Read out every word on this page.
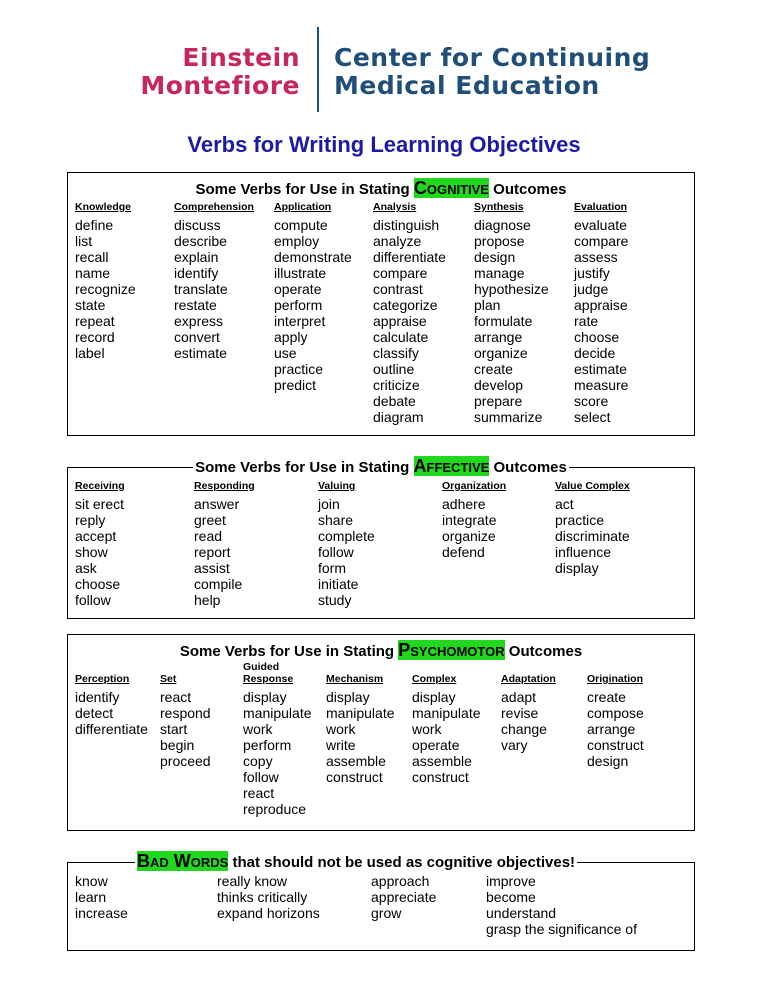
Einstein
Montefiore
Center for Continuing
Medical Education
Verbs for Writing Learning Objectives
Some Verbs for Use in Stating Cognitive Outcomes
Knowledge
define
list
recall
name
recognize
state
repeat
record
label
Comprehension
discuss
describe
explain
identify
translate
restate
express
convert
estimate
Application
compute
employ
demonstrate
illustrate
operate
perform
interpret
apply
use
practice
predict
Analysis
distinguish
analyze
differentiate
compare
contrast
categorize
appraise
calculate
classify
outline
criticize
debate
diagram
Synthesis
diagnose
propose
design
manage
hypothesize
plan
formulate
arrange
organize
create
develop
prepare
summarize
Evaluation
evaluate
compare
assess
justify
judge
appraise
rate
choose
decide
estimate
measure
score
select
Some Verbs for Use in Stating Affective Outcomes
Receiving
sit erect
reply
accept
show
ask
choose
follow
Responding
answer
greet
read
report
assist
compile
help
Valuing
join
share
complete
follow
form
initiate
study
Organization
adhere
integrate
organize
defend
Value Complex
act
practice
discriminate
influence
display
Some Verbs for Use in Stating Psychomotor Outcomes
Perception
identify
detect
differentiate
Set
react
respond
start
begin
proceed
Guided
Response
display
manipulate
work
perform
copy
follow
react
reproduce
Mechanism
display
manipulate
work
write
assemble
construct
Complex
display
manipulate
work
operate
assemble
construct
Adaptation
adapt
revise
change
vary
Origination
create
compose
arrange
construct
design
know
learn
increase
really know
thinks critically
expand horizons
approach
appreciate
grow
improve
become
understand
grasp the significance of
Bad Words that should not be used as cognitive objectives!
